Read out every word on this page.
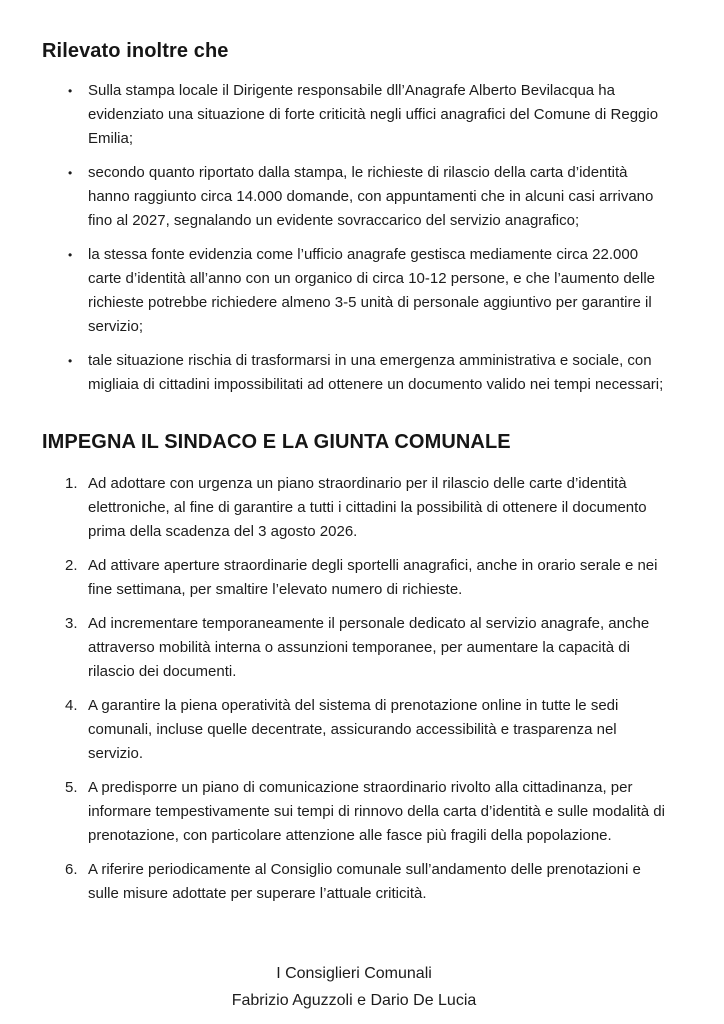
Rilevato inoltre che
•	Sulla stampa locale il Dirigente responsabile dll’Anagrafe Alberto Bevilacqua ha evidenziato una situazione di forte criticità negli uffici anagrafici del Comune di Reggio Emilia;
•	secondo quanto riportato dalla stampa, le richieste di rilascio della carta d’identità hanno raggiunto circa 14.000 domande, con appuntamenti che in alcuni casi arrivano fino al 2027, segnalando un evidente sovraccarico del servizio anagrafico;
•	la stessa fonte evidenzia come l’ufficio anagrafe gestisca mediamente circa 22.000 carte d’identità all’anno con un organico di circa 10-12 persone, e che l’aumento delle richieste potrebbe richiedere almeno 3-5 unità di personale aggiuntivo per garantire il servizio;
•	tale situazione rischia di trasformarsi in una emergenza amministrativa e sociale, con migliaia di cittadini impossibilitati ad ottenere un documento valido nei tempi necessari;
IMPEGNA IL SINDACO E LA GIUNTA COMUNALE
1. Ad adottare con urgenza un piano straordinario per il rilascio delle carte d’identità elettroniche, al fine di garantire a tutti i cittadini la possibilità di ottenere il documento prima della scadenza del 3 agosto 2026.
2. Ad attivare aperture straordinarie degli sportelli anagrafici, anche in orario serale e nei fine settimana, per smaltire l’elevato numero di richieste.
3. Ad incrementare temporaneamente il personale dedicato al servizio anagrafe, anche attraverso mobilità interna o assunzioni temporanee, per aumentare la capacità di rilascio dei documenti.
4. A garantire la piena operatività del sistema di prenotazione online in tutte le sedi comunali, incluse quelle decentrate, assicurando accessibilità e trasparenza nel servizio.
5. A predisporre un piano di comunicazione straordinario rivolto alla cittadinanza, per informare tempestivamente sui tempi di rinnovo della carta d’identità e sulle modalità di prenotazione, con particolare attenzione alle fasce più fragili della popolazione.
6. A riferire periodicamente al Consiglio comunale sull’andamento delle prenotazioni e sulle misure adottate per superare l’attuale criticità.
I Consiglieri Comunali
Fabrizio Aguzzoli e Dario De Lucia
